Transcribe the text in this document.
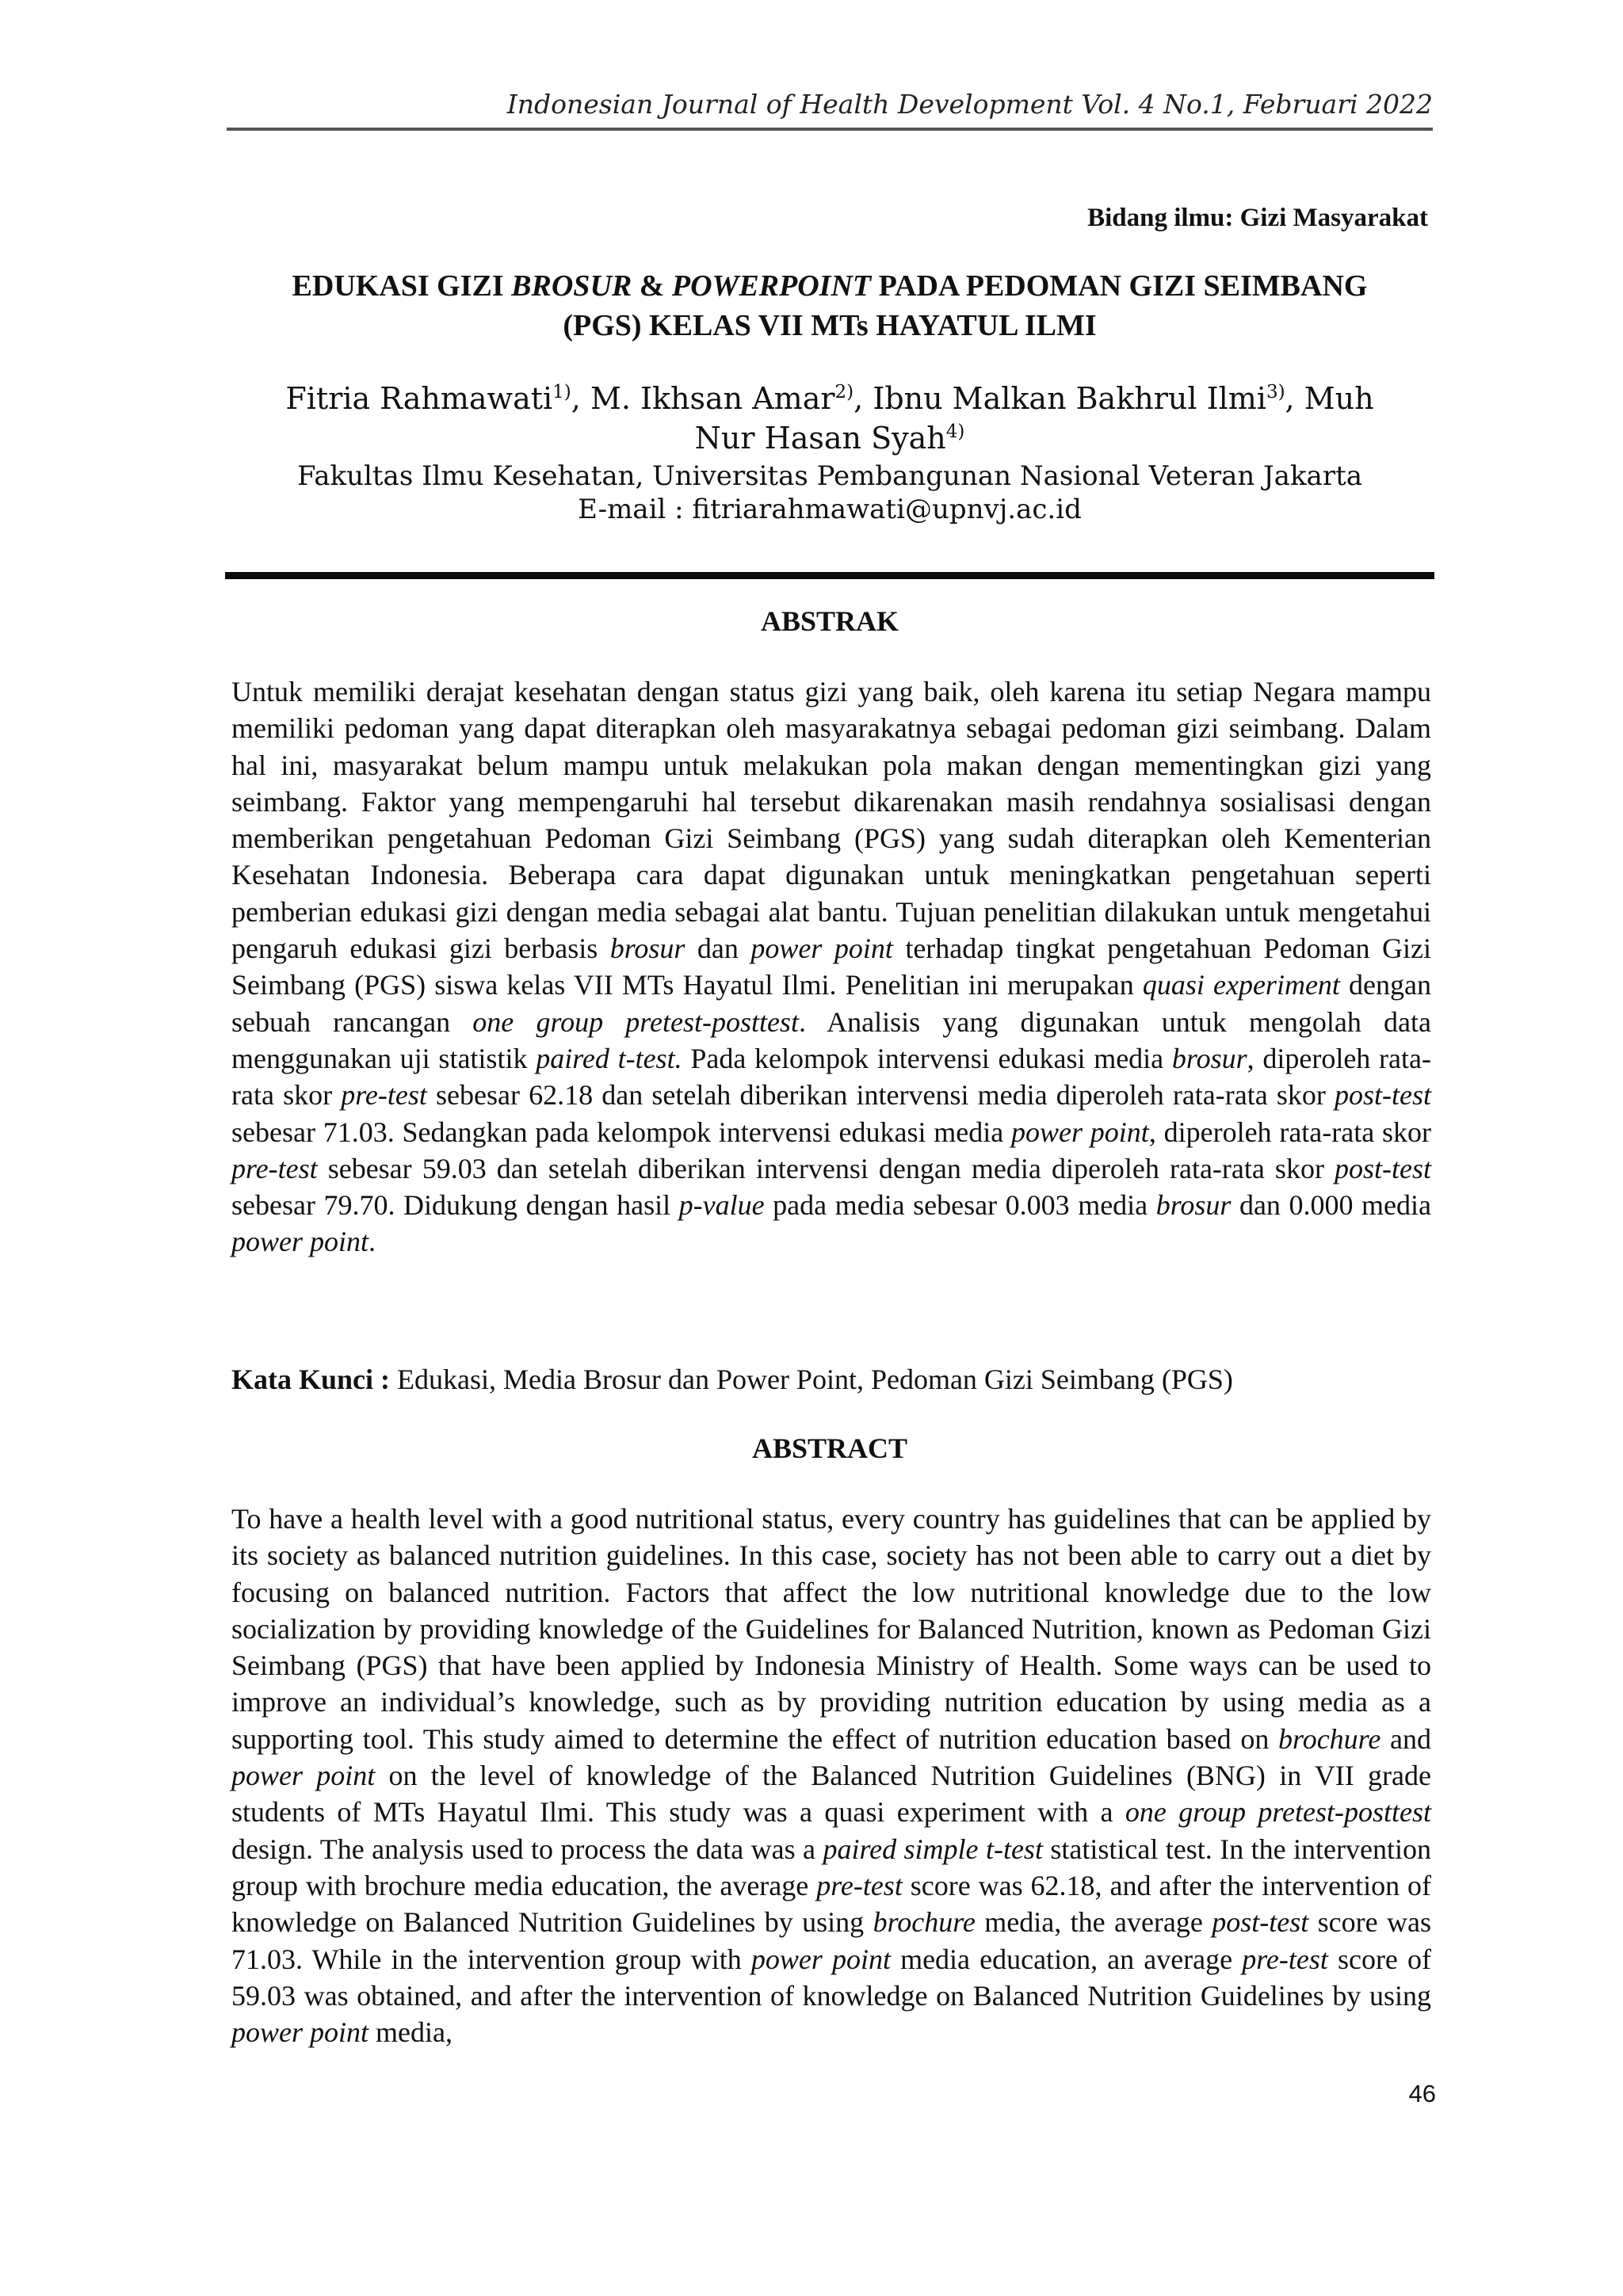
Indonesian Journal of Health Development Vol. 4 No.1, Februari 2022
Bidang ilmu: Gizi Masyarakat
EDUKASI GIZI BROSUR & POWERPOINT PADA PEDOMAN GIZI SEIMBANG
(PGS) KELAS VII MTs HAYATUL ILMI
Fitria Rahmawati$^{1)}$, M. Ikhsan Amar$^{2)}$, Ibnu Malkan Bakhrul Ilmi$^{3)}$, Muh Nur Hasan Syah$^{4)}$
Fakultas Ilmu Kesehatan, Universitas Pembangunan Nasional Veteran Jakarta
E-mail : fitriarahmawati@upnvj.ac.id
ABSTRAK

Untuk memiliki derajat kesehatan dengan status gizi yang baik, oleh karena itu setiap Negara mampu memiliki pedoman yang dapat diterapkan oleh masyarakatnya sebagai pedoman gizi seimbang. Dalam hal ini, masyarakat belum mampu untuk melakukan pola makan dengan mementingkan gizi yang seimbang. Faktor yang mempengaruhi hal tersebut dikarenakan masih rendahnya sosialisasi dengan memberikan pengetahuan Pedoman Gizi Seimbang (PGS) yang sudah diterapkan oleh Kementerian Kesehatan Indonesia. Beberapa cara dapat digunakan untuk meningkatkan pengetahuan seperti pemberian edukasi gizi dengan media sebagai alat bantu. Tujuan penelitian dilakukan untuk mengetahui pengaruh edukasi gizi berbasis brosur dan power point terhadap tingkat pengetahuan Pedoman Gizi Seimbang (PGS) siswa kelas VII MTs Hayatul Ilmi. Penelitian ini merupakan quasi experiment dengan sebuah rancangan one group pretest-posttest. Analisis yang digunakan untuk mengolah data menggunakan uji statistik paired t-test. Pada kelompok intervensi edukasi media brosur, diperoleh rata-rata skor pre-test sebesar 62.18 dan setelah diberikan intervensi media diperoleh rata-rata skor post-test sebesar 71.03. Sedangkan pada kelompok intervensi edukasi media power point, diperoleh rata-rata skor pre-test sebesar 59.03 dan setelah diberikan intervensi dengan media diperoleh rata-rata skor post-test sebesar 79.70. Didukung dengan hasil p-value pada media sebesar 0.003 media brosur dan 0.000 media power point.

Kata Kunci : Edukasi, Media Brosur dan Power Point, Pedoman Gizi Seimbang (PGS)

ABSTRACT

To have a health level with a good nutritional status, every country has guidelines that can be applied by its society as balanced nutrition guidelines. In this case, society has not been able to carry out a diet by focusing on balanced nutrition. Factors that affect the low nutritional knowledge due to the low socialization by providing knowledge of the Guidelines for Balanced Nutrition, known as Pedoman Gizi Seimbang (PGS) that have been applied by Indonesia Ministry of Health. Some ways can be used to improve an individual’s knowledge, such as by providing nutrition education by using media as a supporting tool. This study aimed to determine the effect of nutrition education based on brochure and power point on the level of knowledge of the Balanced Nutrition Guidelines (BNG) in VII grade students of MTs Hayatul Ilmi. This study was a quasi experiment with a one group pretest-posttest design. The analysis used to process the data was a paired simple t-test statistical test. In the intervention group with brochure media education, the average pre-test score was 62.18, and after the intervention of knowledge on Balanced Nutrition Guidelines by using brochure media, the average post-test score was 71.03. While in the intervention group with power point media education, an average pre-test score of 59.03 was obtained, and after the intervention of knowledge on Balanced Nutrition Guidelines by using power point media,

46
